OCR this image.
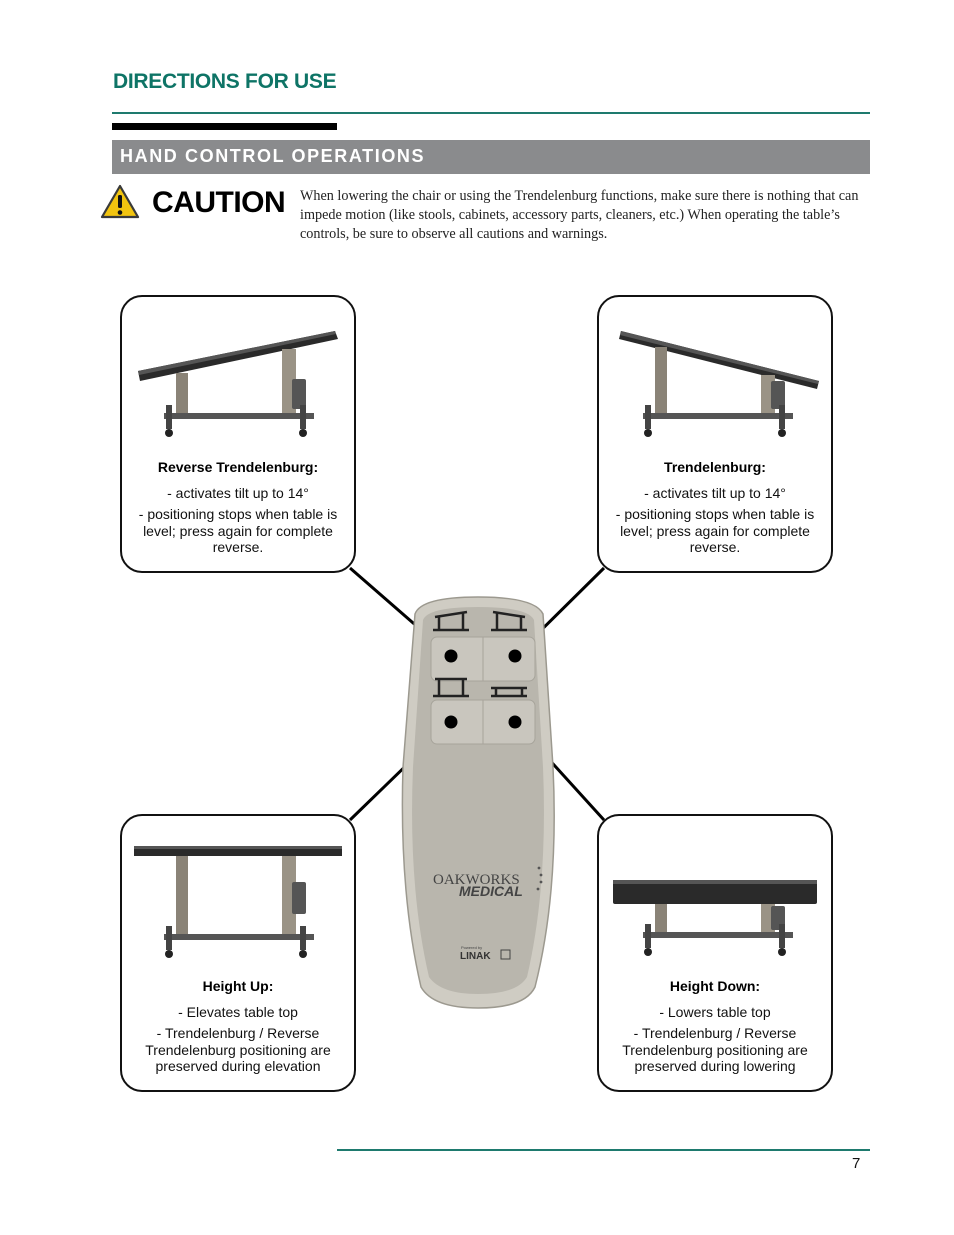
DIRECTIONS FOR USE
HAND CONTROL OPERATIONS
CAUTION When lowering the chair or using the Trendelenburg functions, make sure there is nothing that can impede motion (like stools, cabinets, accessory parts, cleaners, etc.) When operating the table’s controls, be sure to observe all cautions and warnings.
OAKWORKS
MEDICAL
Powered by
LINAK
Reverse Trendelenburg:
- activates tilt up to 14°
- positioning stops when table is level; press again for complete reverse.
Trendelenburg:
- activates tilt up to 14°
- positioning stops when table is level; press again for complete reverse.
Height Up:
- Elevates table top
- Trendelenburg / Reverse Trendelenburg positioning are preserved during elevation
Height Down:
- Lowers table top
- Trendelenburg / Reverse Trendelenburg positioning are preserved during lowering
7
